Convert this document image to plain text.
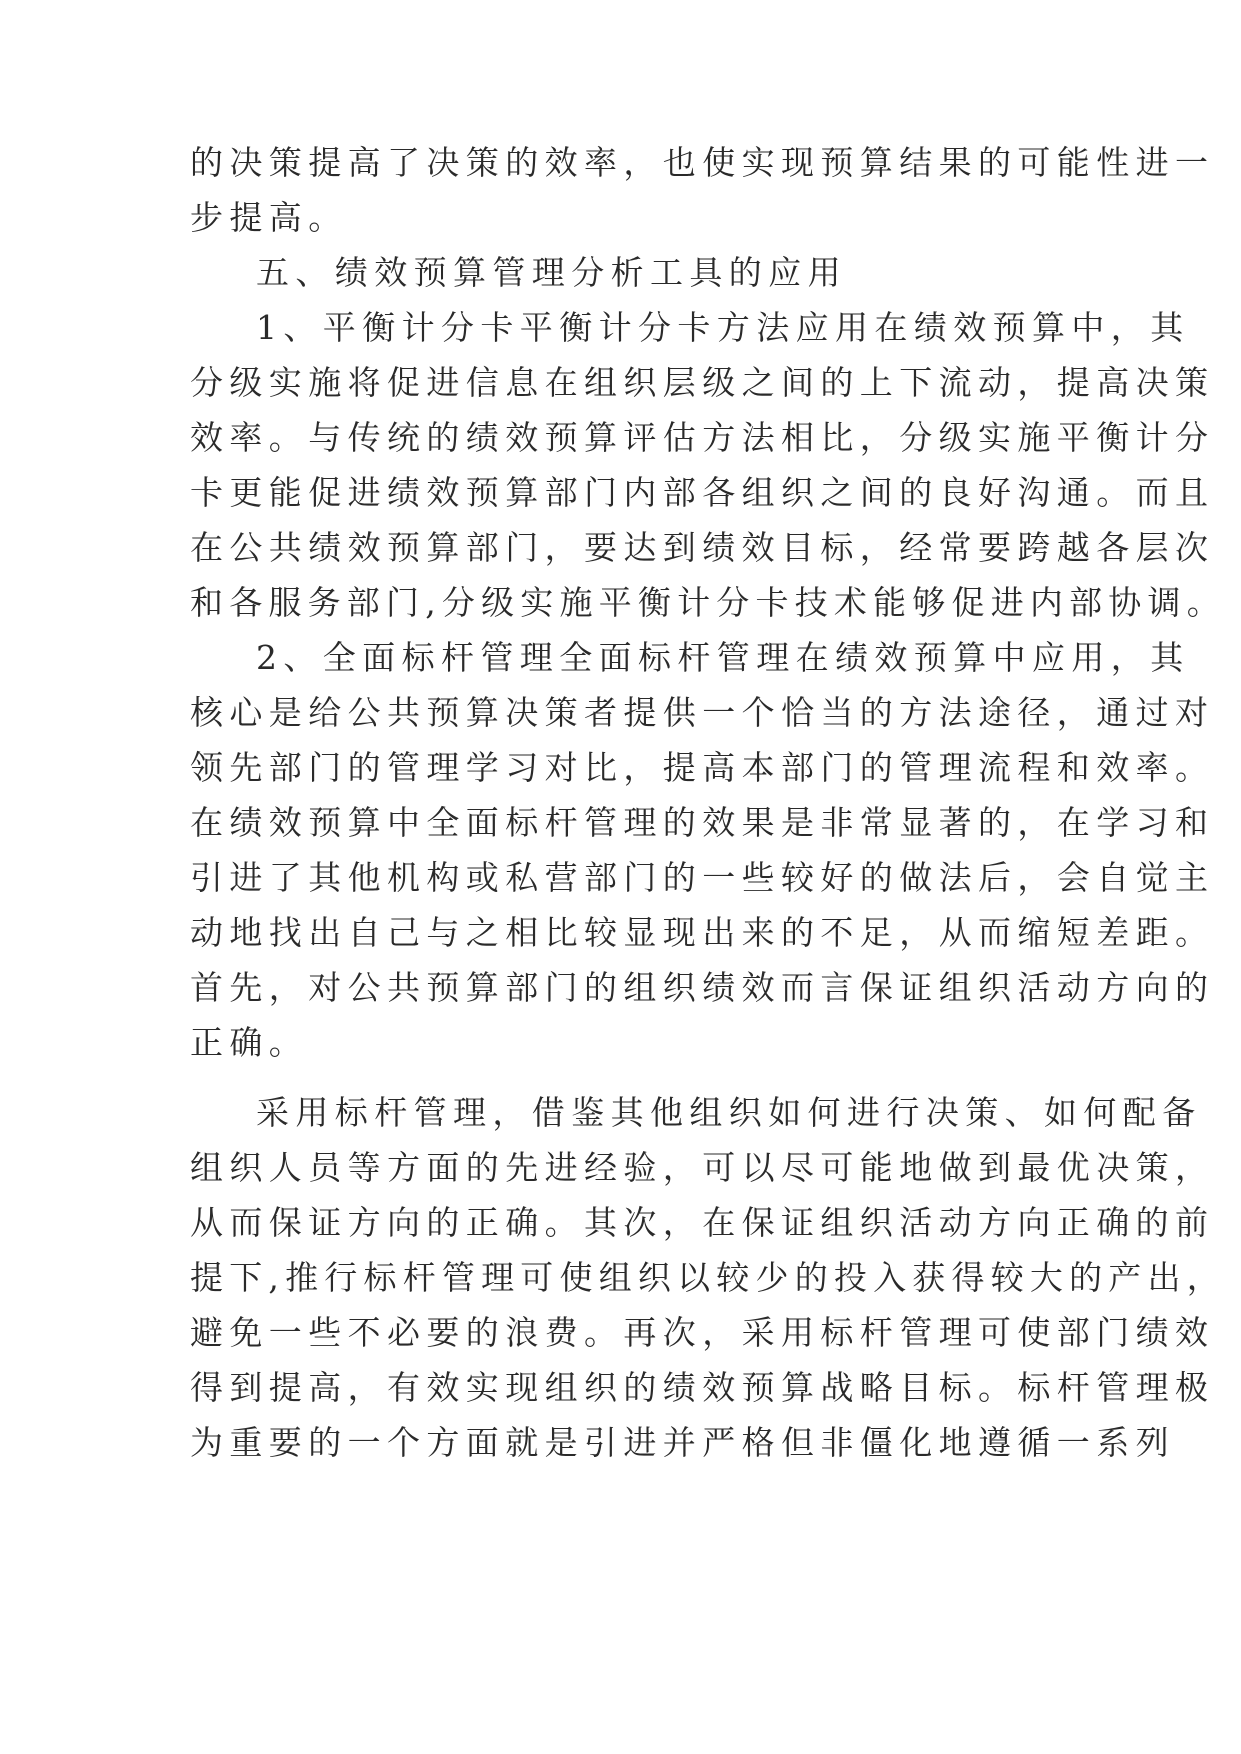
的决策提高了决策的效率，也使实现预算结果的可能性进一
步提高。
五、绩效预算管理分析工具的应用
1、平衡计分卡平衡计分卡方法应用在绩效预算中，其
分级实施将促进信息在组织层级之间的上下流动，提高决策
效率。与传统的绩效预算评估方法相比，分级实施平衡计分
卡更能促进绩效预算部门内部各组织之间的良好沟通。而且
在公共绩效预算部门，要达到绩效目标，经常要跨越各层次
和各服务部门,分级实施平衡计分卡技术能够促进内部协调。
2、全面标杆管理全面标杆管理在绩效预算中应用，其
核心是给公共预算决策者提供一个恰当的方法途径，通过对
领先部门的管理学习对比，提高本部门的管理流程和效率。
在绩效预算中全面标杆管理的效果是非常显著的，在学习和
引进了其他机构或私营部门的一些较好的做法后，会自觉主
动地找出自己与之相比较显现出来的不足，从而缩短差距。
首先，对公共预算部门的组织绩效而言保证组织活动方向的
正确。
采用标杆管理，借鉴其他组织如何进行决策、如何配备
组织人员等方面的先进经验，可以尽可能地做到最优决策，
从而保证方向的正确。其次，在保证组织活动方向正确的前
提下,推行标杆管理可使组织以较少的投入获得较大的产出，
避免一些不必要的浪费。再次，采用标杆管理可使部门绩效
得到提高，有效实现组织的绩效预算战略目标。标杆管理极
为重要的一个方面就是引进并严格但非僵化地遵循一系列
